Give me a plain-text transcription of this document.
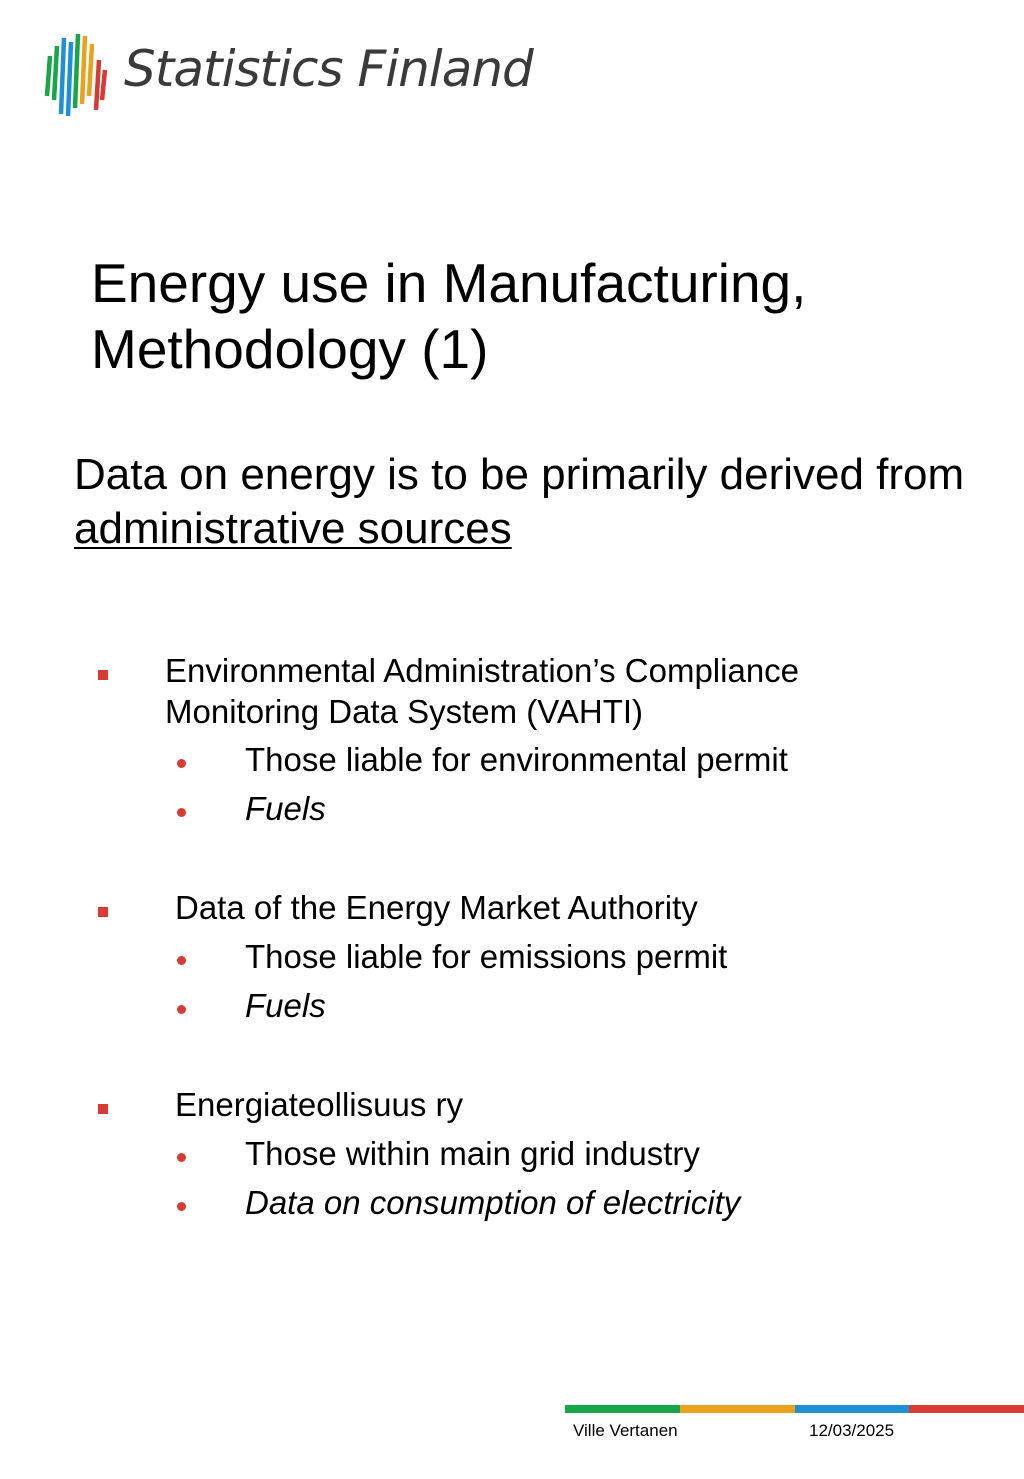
Statistics Finland
Energy use in Manufacturing,
Methodology (1)
Data on energy is to be primarily derived from administrative sources
Environmental Administration’s Compliance
Monitoring Data System (VAHTI)
Those liable for environmental permit
Fuels
Data of the Energy Market Authority
Those liable for emissions permit
Fuels
Energiateollisuus ry
Those within main grid industry
Data on consumption of electricity
Ville Vertanen	12/03/2025
